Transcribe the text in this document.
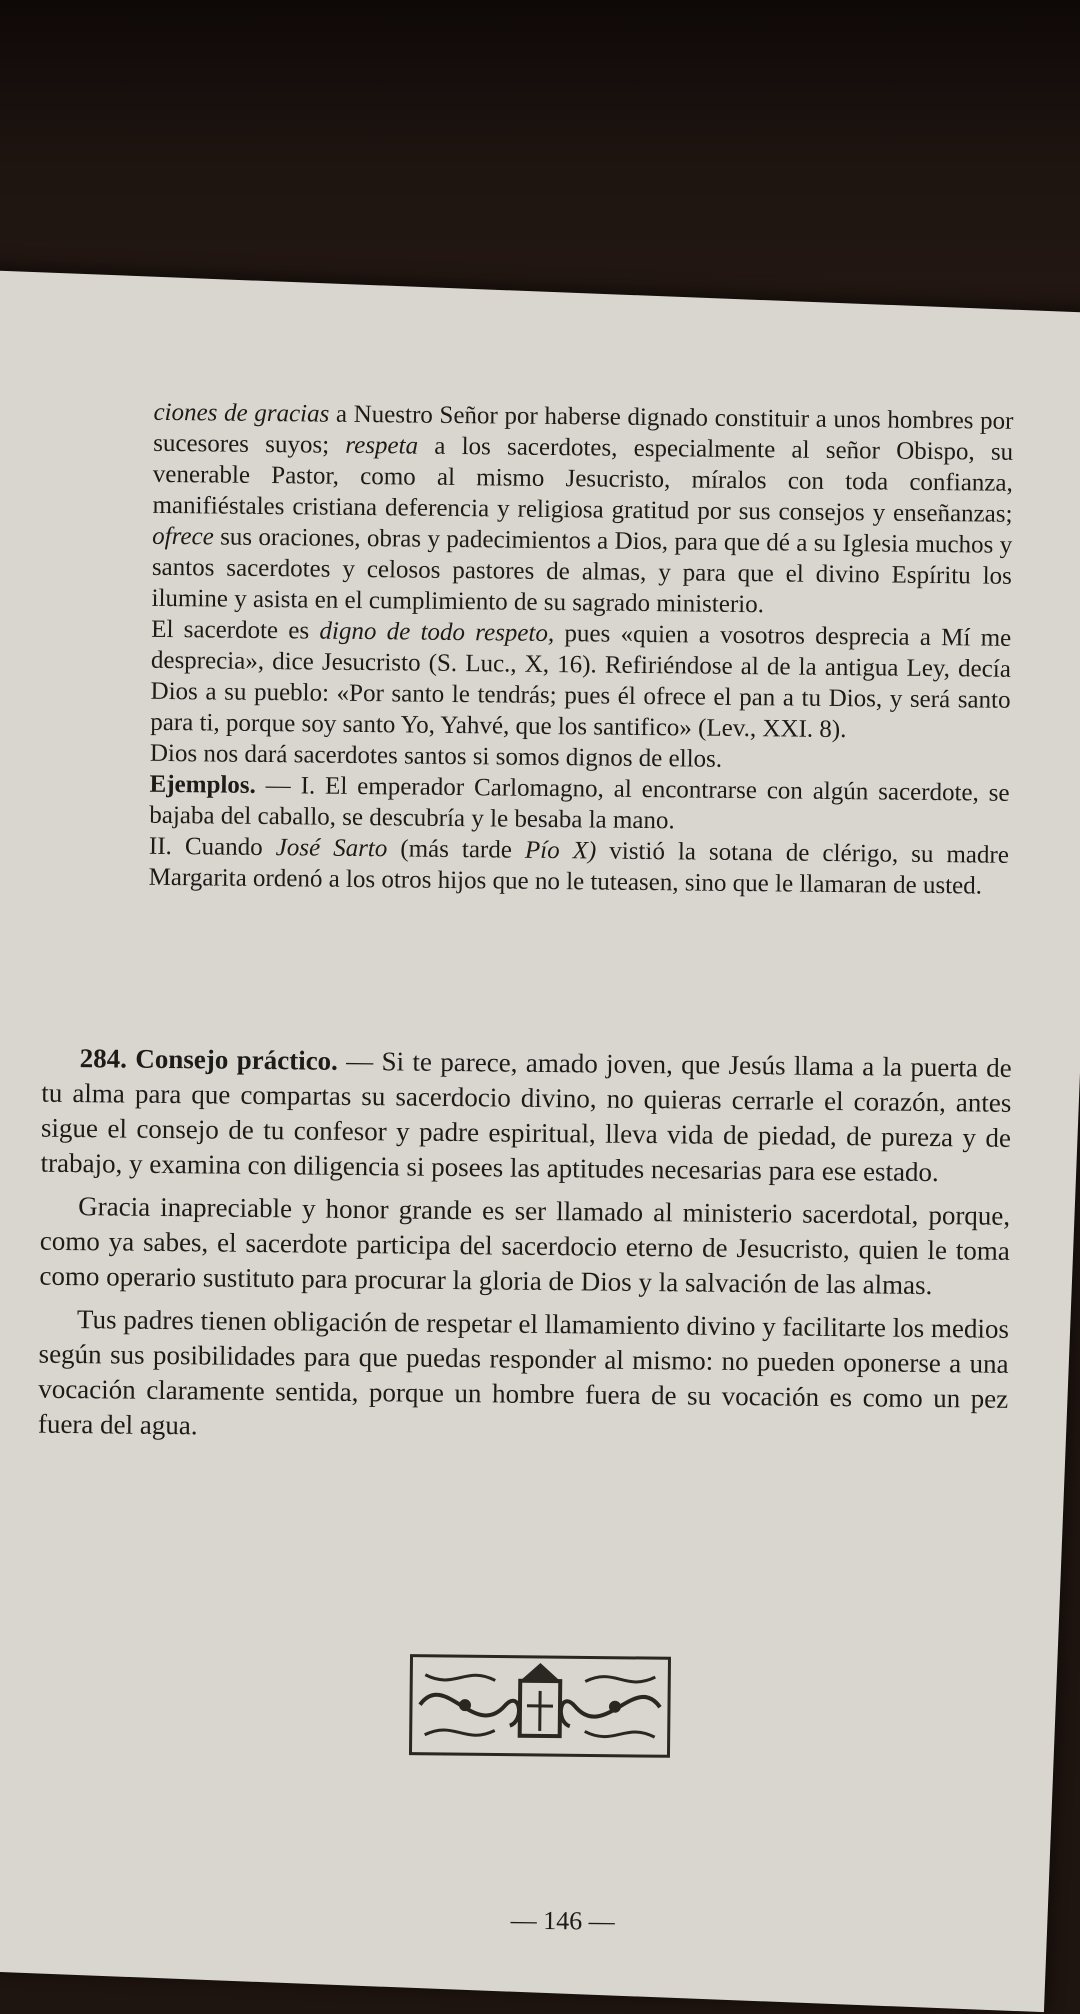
ciones de gracias a Nuestro Señor por haberse dignado constituir a unos hombres por sucesores suyos; respeta a los sacerdotes, especialmente al señor Obispo, su venerable Pastor, como al mismo Jesucristo, míralos con toda confianza, manifiéstales cristiana deferencia y religiosa gratitud por sus consejos y enseñanzas; ofrece sus oraciones, obras y padecimientos a Dios, para que dé a su Iglesia muchos y santos sacerdotes y celosos pastores de almas, y para que el divino Espíritu los ilumine y asista en el cumplimiento de su sagrado ministerio.

El sacerdote es digno de todo respeto, pues «quien a vosotros desprecia a Mí me desprecia», dice Jesucristo (S. Luc., X, 16). Refiriéndose al de la antigua Ley, decía Dios a su pueblo: «Por santo le tendrás; pues él ofrece el pan a tu Dios, y será santo para ti, porque soy santo Yo, Yahvé, que los santifico» (Lev., XXI. 8).

Dios nos dará sacerdotes santos si somos dignos de ellos.

Ejemplos. — I. El emperador Carlomagno, al encontrarse con algún sacerdote, se bajaba del caballo, se descubría y le besaba la mano.

II. Cuando José Sarto (más tarde Pío X) vistió la sotana de clérigo, su madre Margarita ordenó a los otros hijos que no le tuteasen, sino que le llamaran de usted.

284. Consejo práctico. — Si te parece, amado joven, que Jesús llama a la puerta de tu alma para que compartas su sacerdocio divino, no quieras cerrarle el corazón, antes sigue el consejo de tu confesor y padre espiritual, lleva vida de piedad, de pureza y de trabajo, y examina con diligencia si posees las aptitudes necesarias para ese estado.

Gracia inapreciable y honor grande es ser llamado al ministerio sacerdotal, porque, como ya sabes, el sacerdote participa del sacerdocio eterno de Jesucristo, quien le toma como operario sustituto para procurar la gloria de Dios y la salvación de las almas.

Tus padres tienen obligación de respetar el llamamiento divino y facilitarte los medios según sus posibilidades para que puedas responder al mismo: no pueden oponerse a una vocación claramente sentida, porque un hombre fuera de su vocación es como un pez fuera del agua.

— 146 —
